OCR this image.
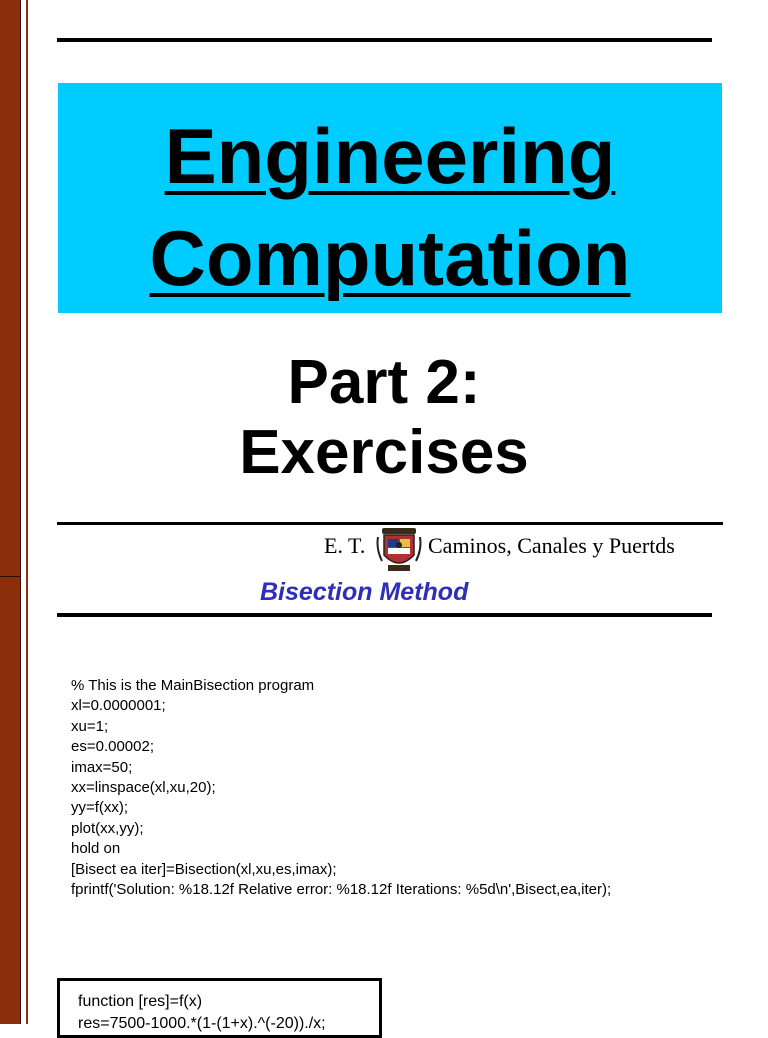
Engineering
Computation
Part 2:
Exercises
E. T.	Caminos, Canales y Puertds
Bisection Method
% This is the MainBisection program
xl=0.0000001;
xu=1;
es=0.00002;
imax=50;
xx=linspace(xl,xu,20);
yy=f(xx);
plot(xx,yy);
hold on
[Bisect ea iter]=Bisection(xl,xu,es,imax);
fprintf('Solution: %18.12f Relative error: %18.12f Iterations: %5d\n',Bisect,ea,iter);
function [res]=f(x)
res=7500-1000.*(1-(1+x).^(-20))./x;
